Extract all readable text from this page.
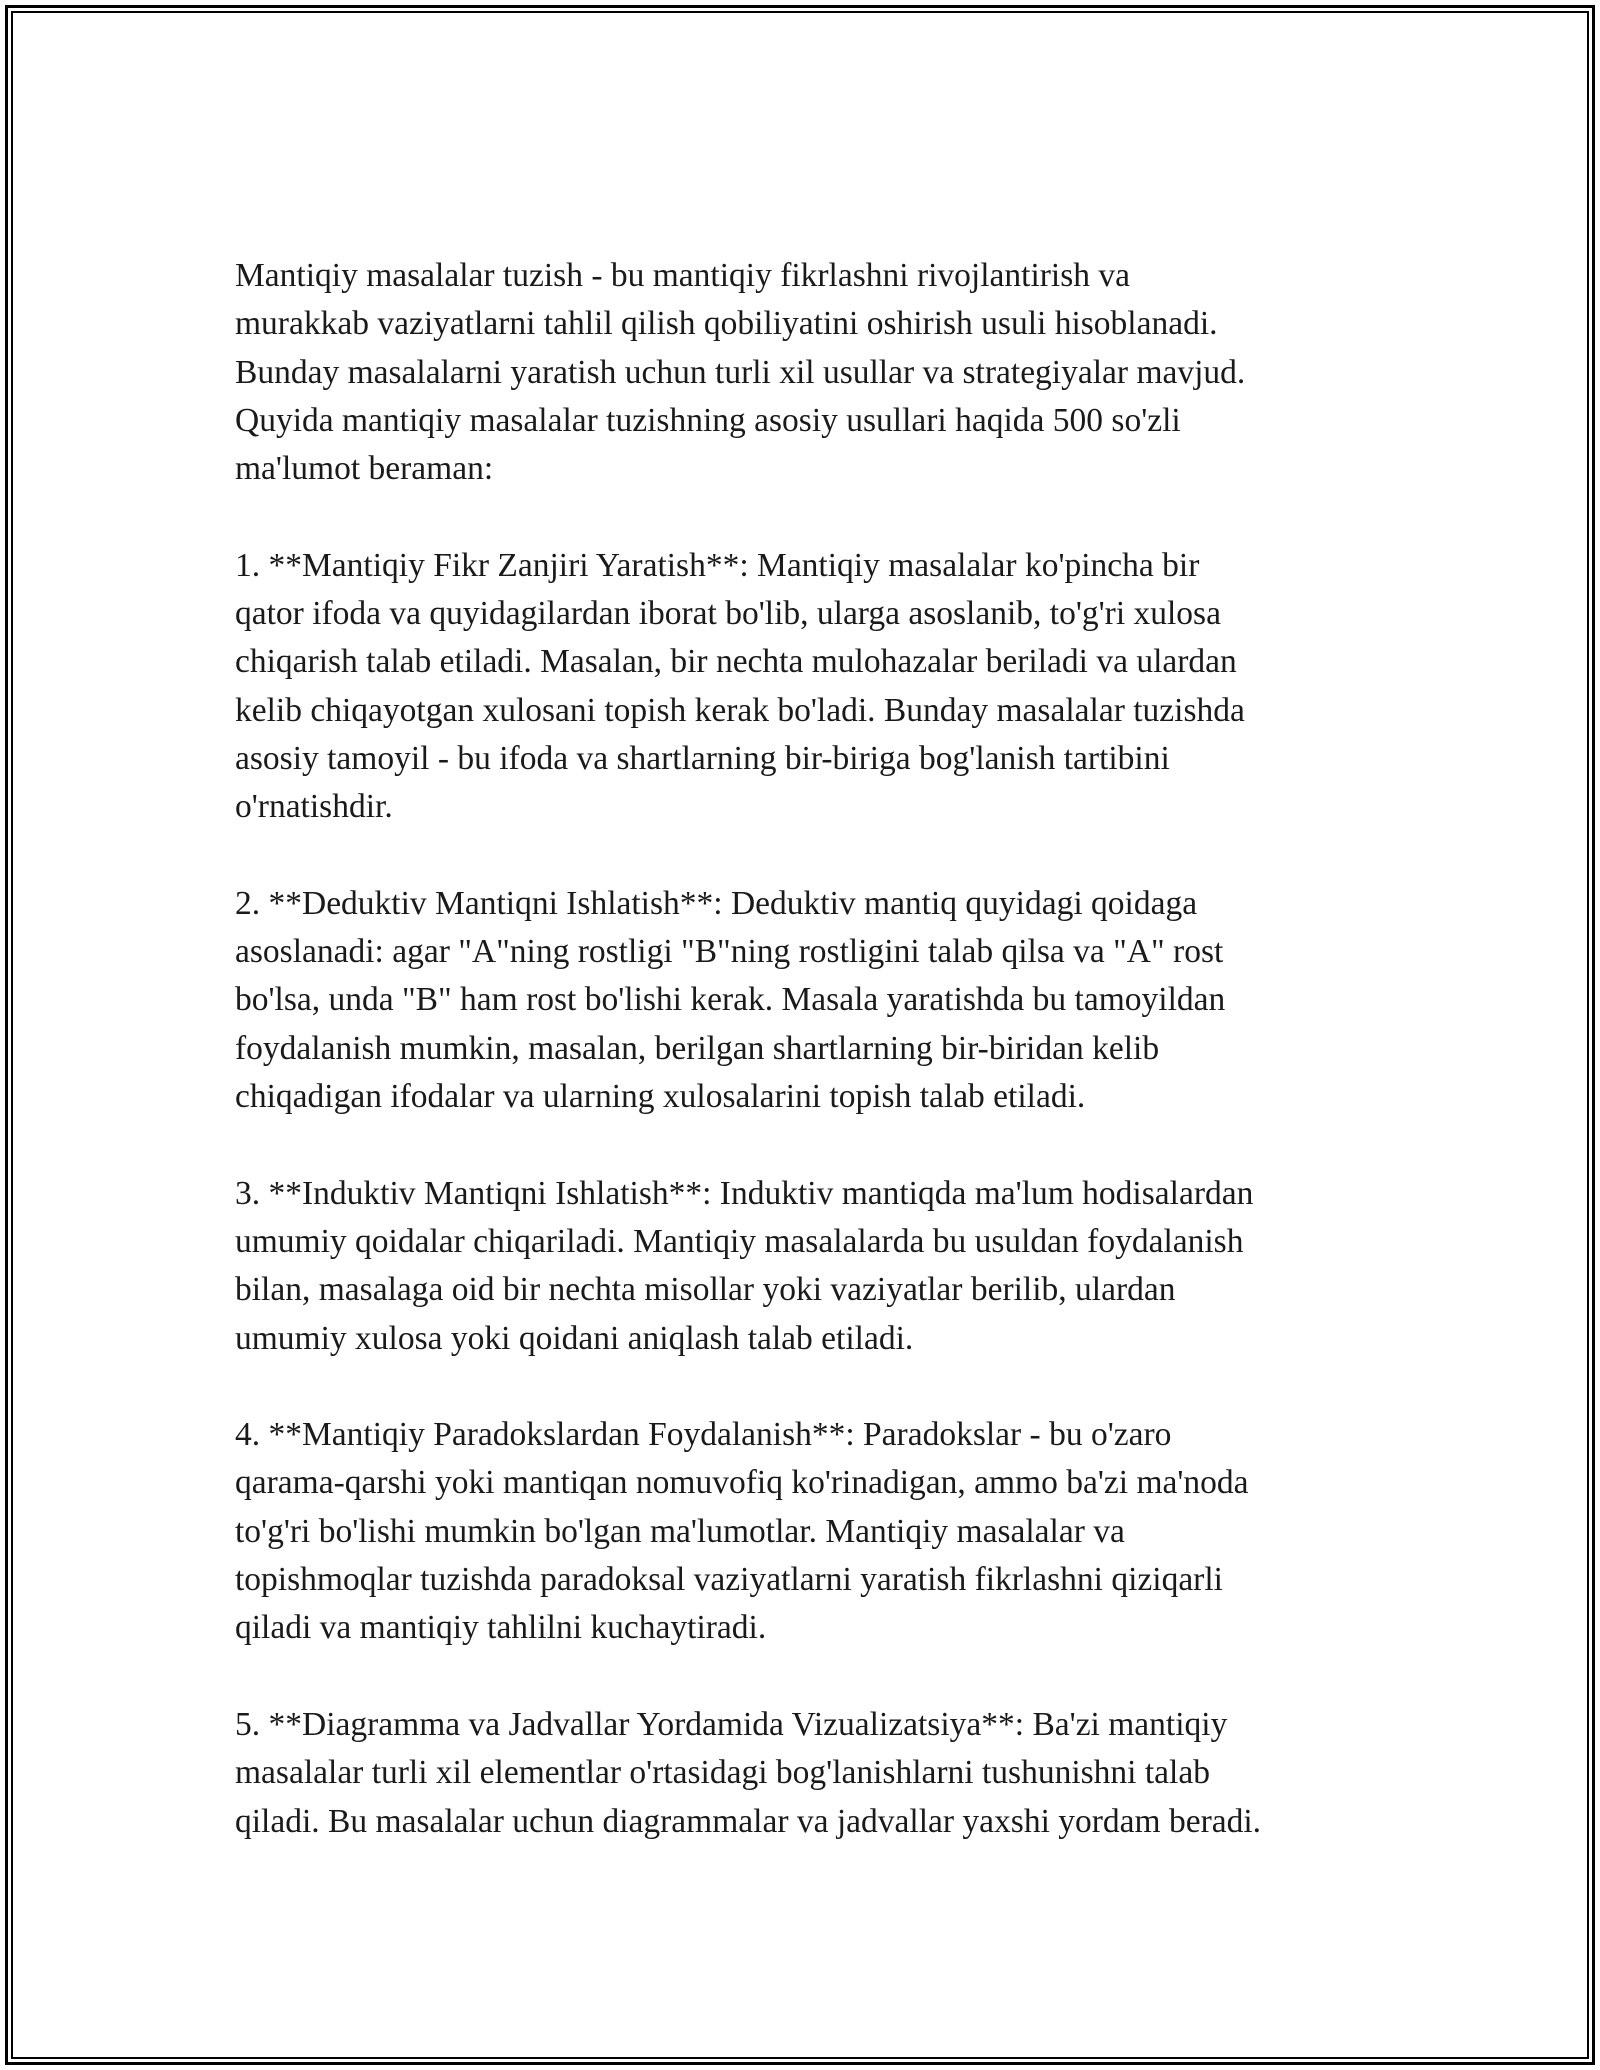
Mantiqiy masalalar tuzish - bu mantiqiy fikrlashni rivojlantirish va
murakkab vaziyatlarni tahlil qilish qobiliyatini oshirish usuli hisoblanadi.
Bunday masalalarni yaratish uchun turli xil usullar va strategiyalar mavjud.
Quyida mantiqiy masalalar tuzishning asosiy usullari haqida 500 so'zli
ma'lumot beraman:

1. **Mantiqiy Fikr Zanjiri Yaratish**: Mantiqiy masalalar ko'pincha bir
qator ifoda va quyidagilardan iborat bo'lib, ularga asoslanib, to'g'ri xulosa
chiqarish talab etiladi. Masalan, bir nechta mulohazalar beriladi va ulardan
kelib chiqayotgan xulosani topish kerak bo'ladi. Bunday masalalar tuzishda
asosiy tamoyil - bu ifoda va shartlarning bir-biriga bog'lanish tartibini
o'rnatishdir.

2. **Deduktiv Mantiqni Ishlatish**: Deduktiv mantiq quyidagi qoidaga
asoslanadi: agar "A"ning rostligi "B"ning rostligini talab qilsa va "A" rost
bo'lsa, unda "B" ham rost bo'lishi kerak. Masala yaratishda bu tamoyildan
foydalanish mumkin, masalan, berilgan shartlarning bir-biridan kelib
chiqadigan ifodalar va ularning xulosalarini topish talab etiladi.

3. **Induktiv Mantiqni Ishlatish**: Induktiv mantiqda ma'lum hodisalardan
umumiy qoidalar chiqariladi. Mantiqiy masalalarda bu usuldan foydalanish
bilan, masalaga oid bir nechta misollar yoki vaziyatlar berilib, ulardan
umumiy xulosa yoki qoidani aniqlash talab etiladi.

4. **Mantiqiy Paradokslardan Foydalanish**: Paradokslar - bu o'zaro
qarama-qarshi yoki mantiqan nomuvofiq ko'rinadigan, ammo ba'zi ma'noda
to'g'ri bo'lishi mumkin bo'lgan ma'lumotlar. Mantiqiy masalalar va
topishmoqlar tuzishda paradoksal vaziyatlarni yaratish fikrlashni qiziqarli
qiladi va mantiqiy tahlilni kuchaytiradi.

5. **Diagramma va Jadvallar Yordamida Vizualizatsiya**: Ba'zi mantiqiy
masalalar turli xil elementlar o'rtasidagi bog'lanishlarni tushunishni talab
qiladi. Bu masalalar uchun diagrammalar va jadvallar yaxshi yordam beradi.
